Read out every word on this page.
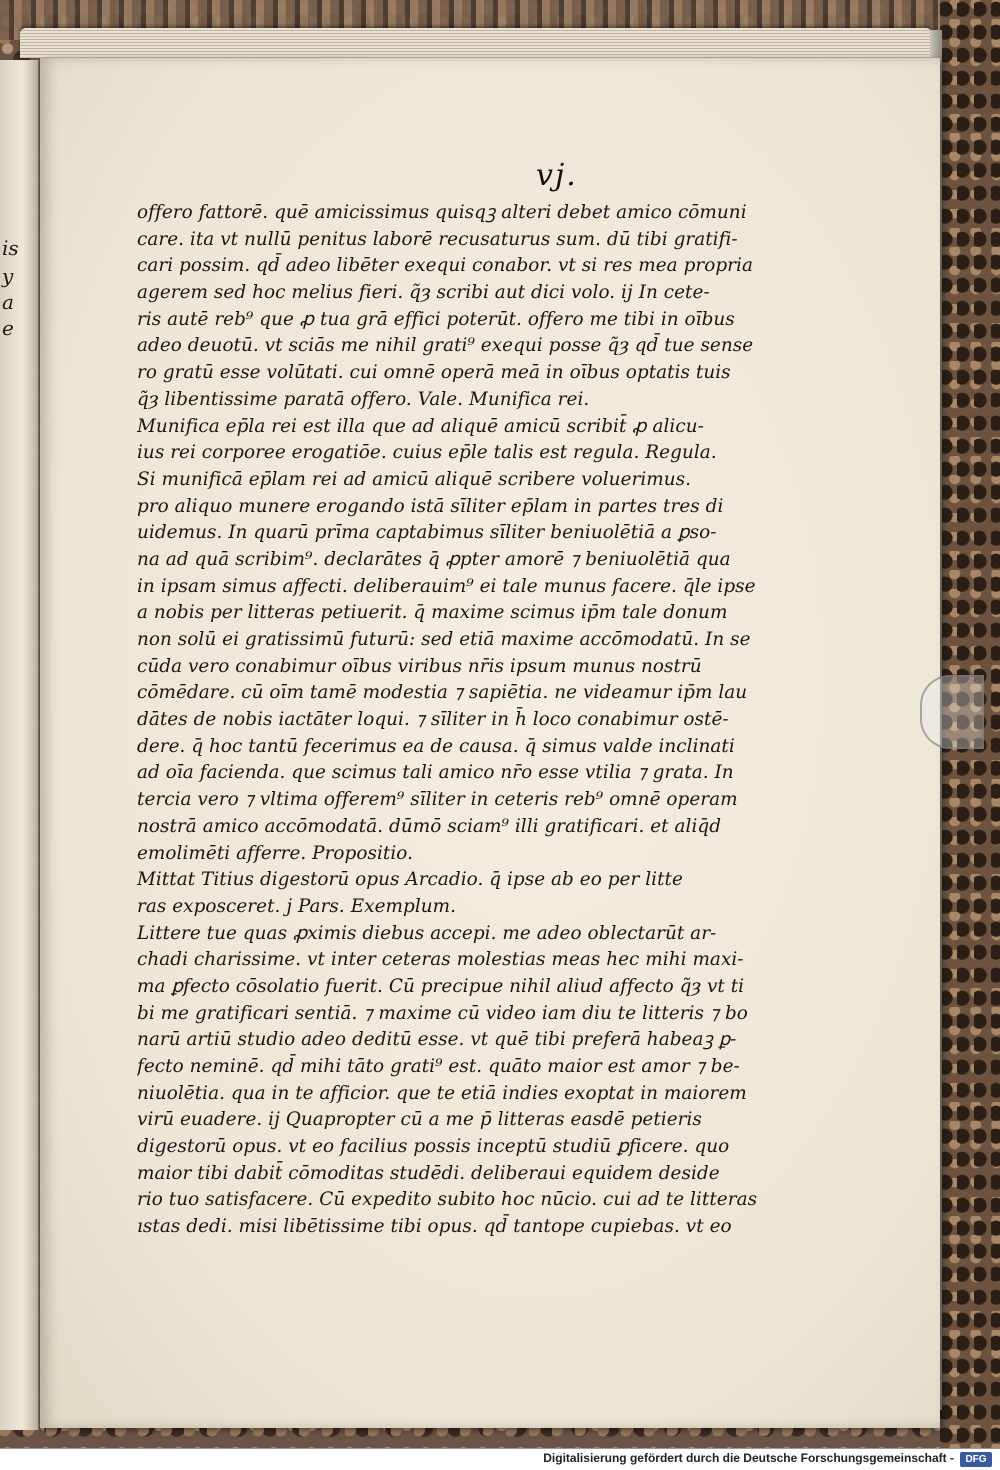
is
y
a
e
vj.
offero fattorē. quē amicissimus quisqꝫ alteri debet amico cōmuni
care. ita vt nullū penitus laborē recusaturus sum. dū tibi gratifi-
cari possim. qd̄ adeo libēter exequi conabor. vt si res mea propria
agerem sed hoc melius fieri. q̃ȝ scribi aut dici volo. ij In cete-
ris autē reb⁹ que ꝓ tua grā effici poterūt. offero me tibi in oībus
adeo deuotū. vt sciās me nihil grati⁹ exequi posse q̃ȝ qd̄ tue sense
ro gratū esse volūtati. cui omnē operā meā in oībus optatis tuis
q̃ȝ libentissime paratā offero. Vale. Munifica rei.
Munifica ep̄la rei est illa que ad aliquē amicū scribit̄ ꝓ alicu-
ius rei corporee erogatiōe. cuius ep̄le talis est regula. Regula.
Si munificā ep̄lam rei ad amicū aliquē scribere voluerimus.
pro aliquo munere erogando istā sīliter ep̄lam in partes tres di
uidemus. In quarū prīma captabimus sīliter beniuolētiā a ꝑso-
na ad quā scribim⁹. declarātes q̄ ꝓpter amorē ⁊ beniuolētiā qua
in ipsam simus affecti. deliberauim⁹ ei tale munus facere. q̄le ipse
a nobis per litteras petiuerit. q̄ maxime scimus ip̄m tale donum
non solū ei gratissimū futurū: sed etiā maxime accōmodatū. In se
cūda vero conabimur oībus viribus nr̄is ipsum munus nostrū
cōmēdare. cū oīm tamē modestia ⁊ sapiētia. ne videamur ip̄m lau
dātes de nobis iactāter loqui. ⁊ sīliter in h̄ loco conabimur ostē-
dere. q̄ hoc tantū fecerimus ea de causa. q̄ simus valde inclinati
ad oīa facienda. que scimus tali amico nr̄o esse vtilia ⁊ grata. In
tercia vero ⁊ vltima offerem⁹ sīliter in ceteris reb⁹ omnē operam
nostrā amico accōmodatā. dūmō sciam⁹ illi gratificari. et aliq̄d
emolimēti afferre. Propositio.
Mittat Titius digestorū opus Arcadio. q̄ ipse ab eo per litte
ras exposceret. j Pars. Exemplum.
Littere tue quas ꝓximis diebus accepi. me adeo oblectarūt ar-
chadi charissime. vt inter ceteras molestias meas hec mihi maxi-
ma ꝑfecto cōsolatio fuerit. Cū precipue nihil aliud affecto q̃ȝ vt ti
bi me gratificari sentiā. ⁊ maxime cū video iam diu te litteris ⁊ bo
narū artiū studio adeo deditū esse. vt quē tibi preferā habeaꝫ ꝑ-
fecto neminē. qd̄ mihi tāto grati⁹ est. quāto maior est amor ⁊ be-
niuolētia. qua in te afficior. que te etiā indies exoptat in maiorem
virū euadere. ij Quapropter cū a me p̄ litteras easdē petieris
digestorū opus. vt eo facilius possis inceptū studiū ꝑficere. quo
maior tibi dabit̄ cōmoditas studēdi. deliberaui equidem deside
rio tuo satisfacere. Cū expedito subito hoc nūcio. cui ad te litteras
ıstas dedi. misi libētissime tibi opus. qd̄ tantope cupiebas. vt eo
Digitalisierung gefördert durch die Deutsche Forschungsgemeinschaft -	DFG
